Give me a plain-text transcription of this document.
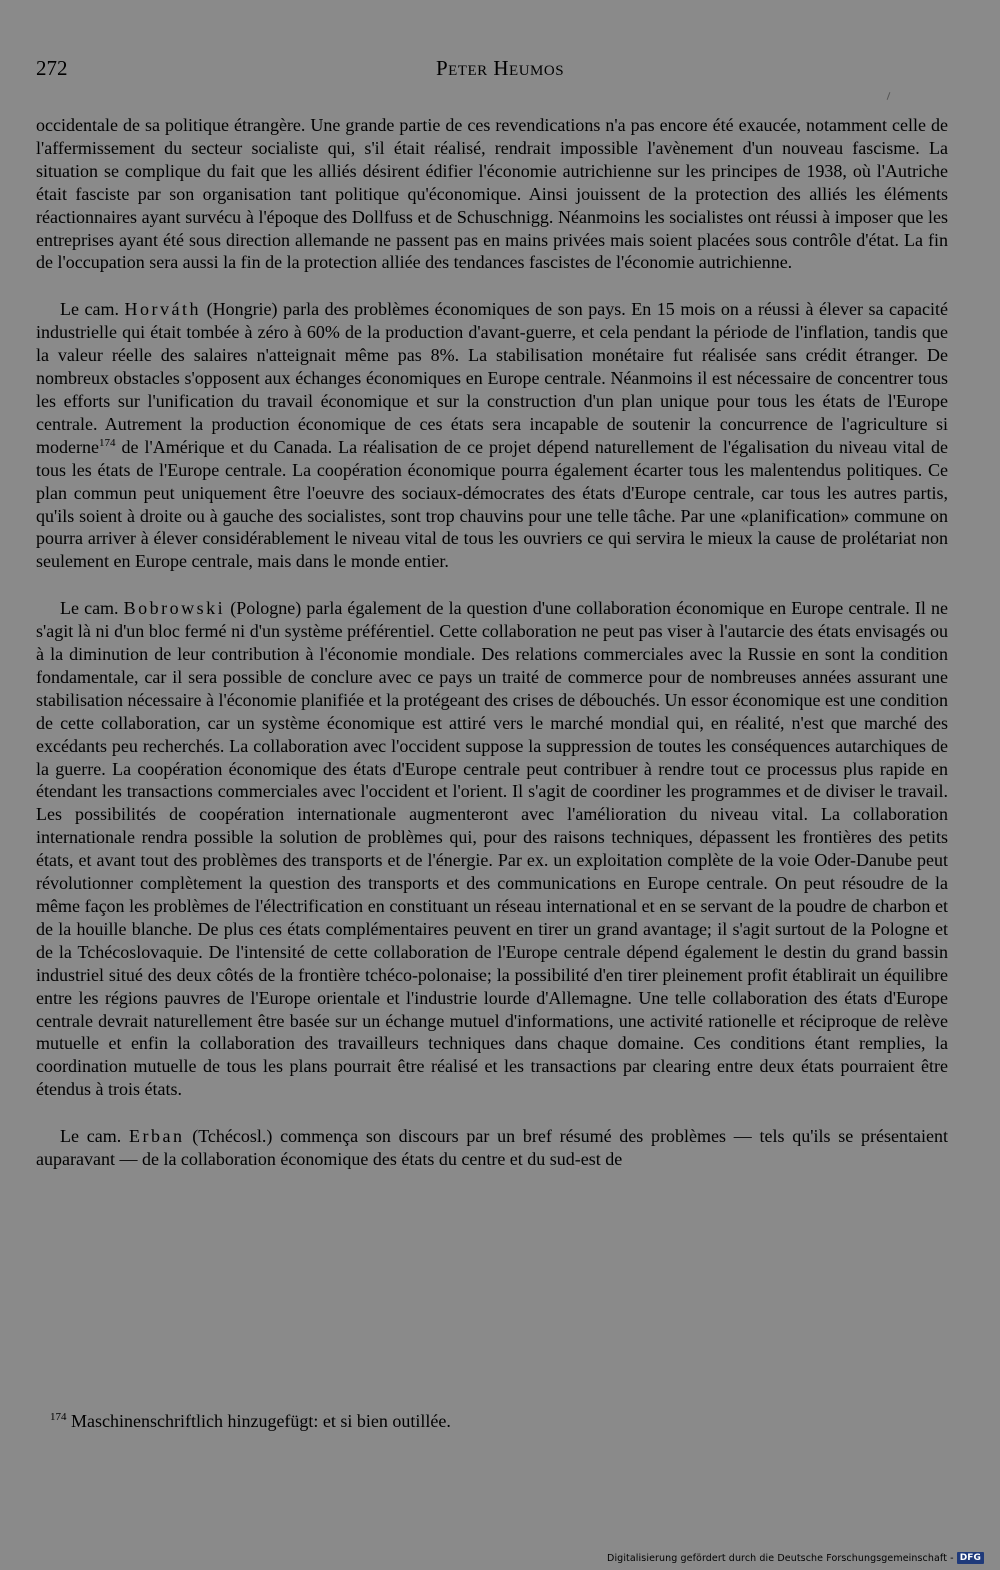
272	Peter Heumos

occidentale de sa politique étrangère. Une grande partie de ces revendications n'a pas encore été exaucée, notamment celle de l'affermissement du secteur socialiste qui, s'il était réalisé, rendrait impossible l'avènement d'un nouveau fascisme. La situation se complique du fait que les alliés désirent édifier l'économie autrichienne sur les principes de 1938, où l'Autriche était fasciste par son organisation tant politique qu'économique. Ainsi jouissent de la protection des alliés les éléments réactionnaires ayant survécu à l'époque des Dollfuss et de Schuschnigg. Néanmoins les socialistes ont réussi à imposer que les entreprises ayant été sous direction allemande ne passent pas en mains privées mais soient placées sous contrôle d'état. La fin de l'occupation sera aussi la fin de la protection alliée des tendances fascistes de l'économie autrichienne.

Le cam. Horváth (Hongrie) parla des problèmes économiques de son pays. En 15 mois on a réussi à élever sa capacité industrielle qui était tombée à zéro à 60% de la production d'avant-guerre, et cela pendant la période de l'inflation, tandis que la valeur réelle des salaires n'atteignait même pas 8%. La stabilisation monétaire fut réalisée sans crédit étranger. De nombreux obstacles s'opposent aux échanges économiques en Europe centrale. Néanmoins il est nécessaire de concentrer tous les efforts sur l'unification du travail économique et sur la construction d'un plan unique pour tous les états de l'Europe centrale. Autrement la production économique de ces états sera incapable de soutenir la concurrence de l'agriculture si moderne$^{174}$ de l'Amérique et du Canada. La réalisation de ce projet dépend naturellement de l'égalisation du niveau vital de tous les états de l'Europe centrale. La coopération économique pourra également écarter tous les malentendus politiques. Ce plan commun peut uniquement être l'oeuvre des sociaux-démocrates des états d'Europe centrale, car tous les autres partis, qu'ils soient à droite ou à gauche des socialistes, sont trop chauvins pour une telle tâche. Par une «planification» commune on pourra arriver à élever considérablement le niveau vital de tous les ouvriers ce qui servira le mieux la cause de prolétariat non seulement en Europe centrale, mais dans le monde entier.

Le cam. Bobrowski (Pologne) parla également de la question d'une collaboration économique en Europe centrale. Il ne s'agit là ni d'un bloc fermé ni d'un système préférentiel. Cette collaboration ne peut pas viser à l'autarcie des états envisagés ou à la diminution de leur contribution à l'économie mondiale. Des relations commerciales avec la Russie en sont la condition fondamentale, car il sera possible de conclure avec ce pays un traité de commerce pour de nombreuses années assurant une stabilisation nécessaire à l'économie planifiée et la protégeant des crises de débouchés. Un essor économique est une condition de cette collaboration, car un système économique est attiré vers le marché mondial qui, en réalité, n'est que marché des excédants peu recherchés. La collaboration avec l'occident suppose la suppression de toutes les conséquences autarchiques de la guerre. La coopération économique des états d'Europe centrale peut contribuer à rendre tout ce processus plus rapide en étendant les transactions commerciales avec l'occident et l'orient. Il s'agit de coordiner les programmes et de diviser le travail. Les possibilités de coopération internationale augmenteront avec l'amélioration du niveau vital. La collaboration internationale rendra possible la solution de problèmes qui, pour des raisons techniques, dépassent les frontières des petits états, et avant tout des problèmes des transports et de l'énergie. Par ex. un exploitation complète de la voie Oder-Danube peut révolutionner complètement la question des transports et des communications en Europe centrale. On peut résoudre de la même façon les problèmes de l'électrification en constituant un réseau international et en se servant de la poudre de charbon et de la houille blanche. De plus ces états complémentaires peuvent en tirer un grand avantage; il s'agit surtout de la Pologne et de la Tchécoslovaquie. De l'intensité de cette collaboration de l'Europe centrale dépend également le destin du grand bassin industriel situé des deux côtés de la frontière tchéco-polonaise; la possibilité d'en tirer pleinement profit établirait un équilibre entre les régions pauvres de l'Europe orientale et l'industrie lourde d'Allemagne. Une telle collaboration des états d'Europe centrale devrait naturellement être basée sur un échange mutuel d'informations, une activité rationelle et réciproque de relève mutuelle et enfin la collaboration des travailleurs techniques dans chaque domaine. Ces conditions étant remplies, la coordination mutuelle de tous les plans pourrait être réalisé et les transactions par clearing entre deux états pourraient être étendus à trois états.

Le cam. Erban (Tchécosl.) commença son discours par un bref résumé des problèmes — tels qu'ils se présentaient auparavant — de la collaboration économique des états du centre et du sud-est de

$^{174}$ Maschinenschriftlich hinzugefügt: et si bien outillée.
Digitalisierung gefördert durch die Deutsche Forschungsgemeinschaft - DFG
